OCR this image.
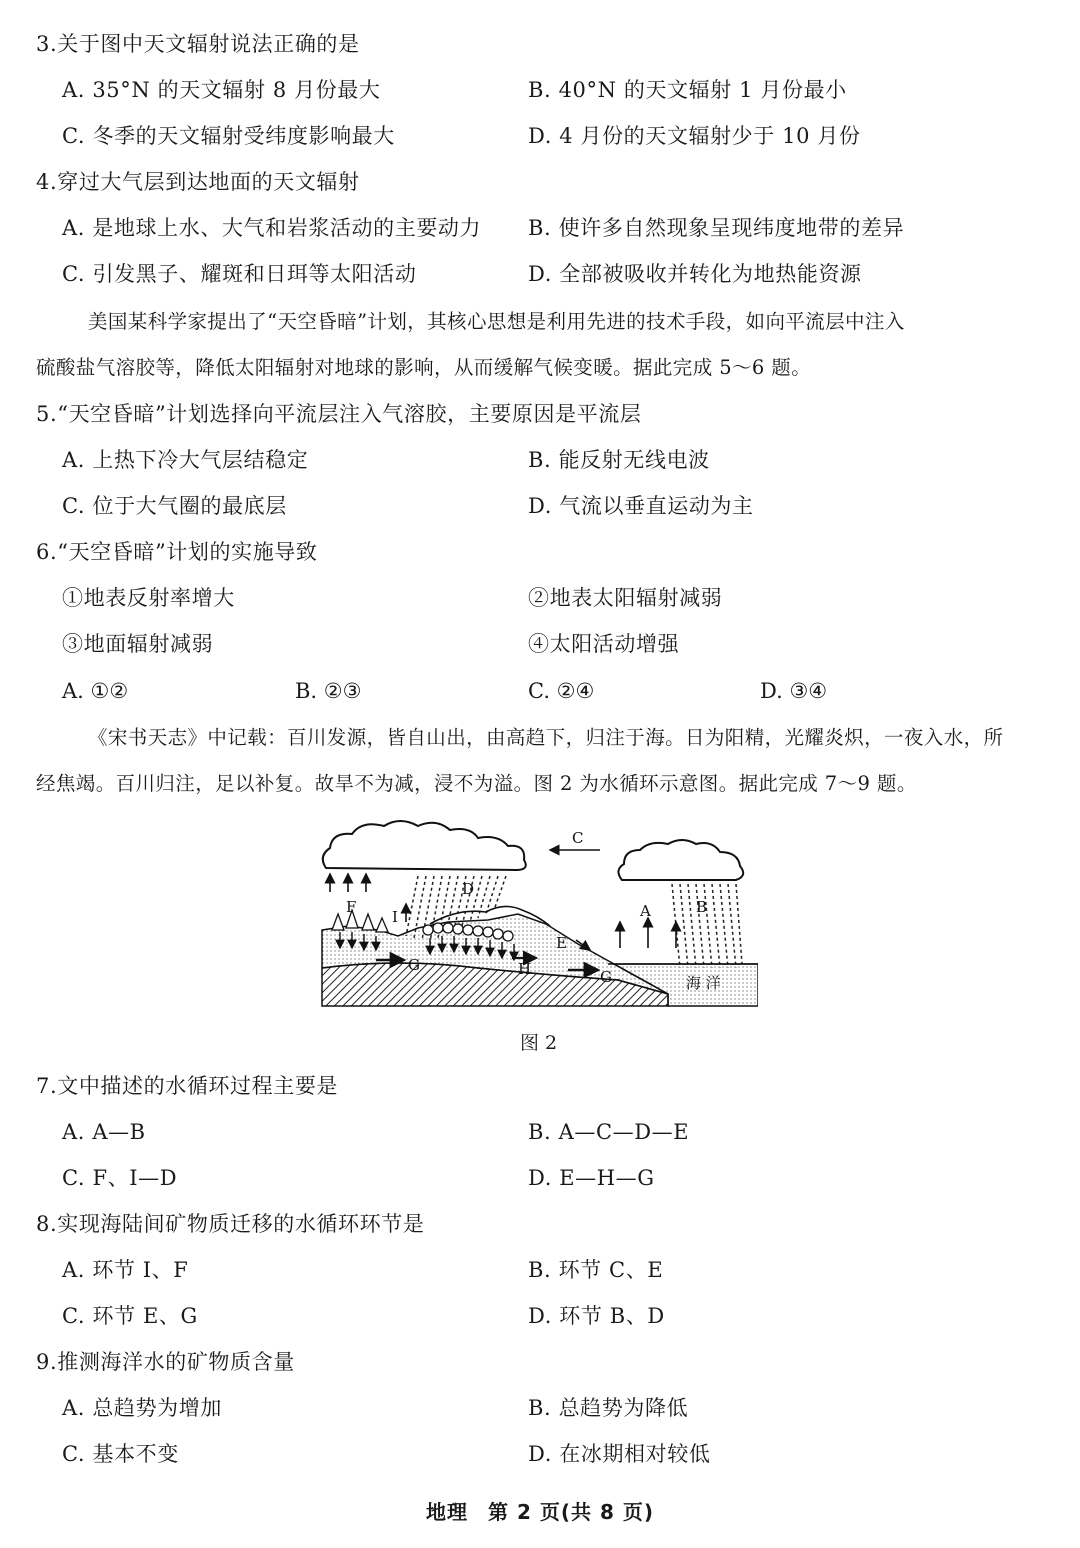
3.关于图中天文辐射说法正确的是
A. 35°N 的天文辐射 8 月份最大	B. 40°N 的天文辐射 1 月份最小
C. 冬季的天文辐射受纬度影响最大	D. 4 月份的天文辐射少于 10 月份
4.穿过大气层到达地面的天文辐射
A. 是地球上水、大气和岩浆活动的主要动力 B. 使许多自然现象呈现纬度地带的差异
C. 引发黑子、耀斑和日珥等太阳活动	D. 全部被吸收并转化为地热能资源
美国某科学家提出了“天空昏暗”计划，其核心思想是利用先进的技术手段，如向平流层中注入
硫酸盐气溶胶等，降低太阳辐射对地球的影响，从而缓解气候变暖。据此完成 5～6 题。
5.“天空昏暗”计划选择向平流层注入气溶胶，主要原因是平流层
A. 上热下冷大气层结稳定	B. 能反射无线电波
C. 位于大气圈的最底层	D. 气流以垂直运动为主
6.“天空昏暗”计划的实施导致
①地表反射率增大	②地表太阳辐射减弱
③地面辐射减弱	④太阳活动增强
A. ①②	B. ②③	C. ②④	D. ③④
《宋书天志》中记载：百川发源，皆自山出，由高趋下，归注于海。日为阳精，光耀炎炽，一夜入水，所
经焦竭。百川归注，足以补复。故旱不为减，浸不为溢。图 2 为水循环示意图。据此完成 7～9 题。
C
D
A	B
E
F
I
G
G
H
海 洋
图 2
7.文中描述的水循环过程主要是
A. A—B	B. A—C—D—E
C. F、I—D	D. E—H—G
8.实现海陆间矿物质迁移的水循环环节是
A. 环节 I、F	B. 环节 C、E
C. 环节 E、G	D. 环节 B、D
9.推测海洋水的矿物质含量
A. 总趋势为增加	B. 总趋势为降低
C. 基本不变	D. 在冰期相对较低
地理 第 2 页(共 8 页)
